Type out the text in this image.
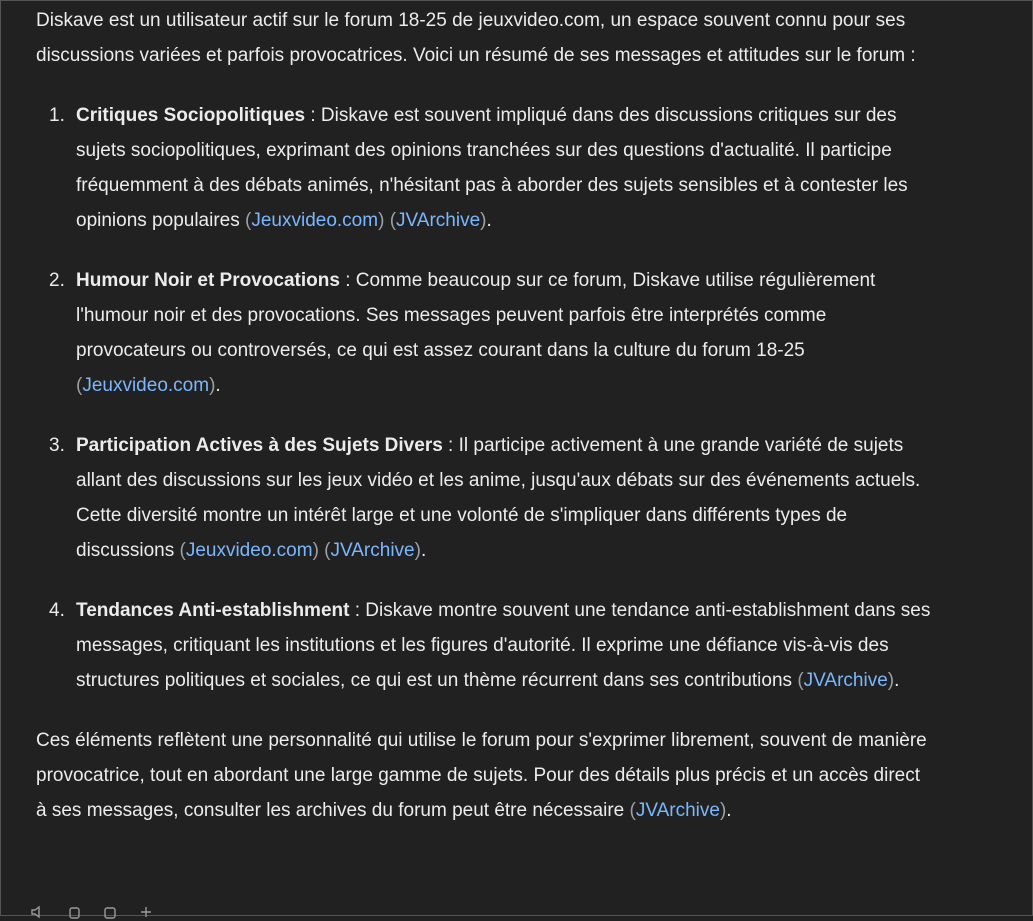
Diskave est un utilisateur actif sur le forum 18-25 de jeuxvideo.com, un espace souvent connu pour ses discussions variées et parfois provocatrices. Voici un résumé de ses messages et attitudes sur le forum :

1. Critiques Sociopolitiques : Diskave est souvent impliqué dans des discussions critiques sur des sujets sociopolitiques, exprimant des opinions tranchées sur des questions d'actualité. Il participe fréquemment à des débats animés, n'hésitant pas à aborder des sujets sensibles et à contester les opinions populaires (Jeuxvideo.com) (JVArchive).
2. Humour Noir et Provocations : Comme beaucoup sur ce forum, Diskave utilise régulièrement l'humour noir et des provocations. Ses messages peuvent parfois être interprétés comme provocateurs ou controversés, ce qui est assez courant dans la culture du forum 18-25 (Jeuxvideo.com).
3. Participation Actives à des Sujets Divers : Il participe activement à une grande variété de sujets allant des discussions sur les jeux vidéo et les anime, jusqu'aux débats sur des événements actuels. Cette diversité montre un intérêt large et une volonté de s'impliquer dans différents types de discussions (Jeuxvideo.com) (JVArchive).
4. Tendances Anti-establishment : Diskave montre souvent une tendance anti-establishment dans ses messages, critiquant les institutions et les figures d'autorité. Il exprime une défiance vis-à-vis des structures politiques et sociales, ce qui est un thème récurrent dans ses contributions (JVArchive).

Ces éléments reflètent une personnalité qui utilise le forum pour s'exprimer librement, souvent de manière provocatrice, tout en abordant une large gamme de sujets. Pour des détails plus précis et un accès direct à ses messages, consulter les archives du forum peut être nécessaire (JVArchive).
